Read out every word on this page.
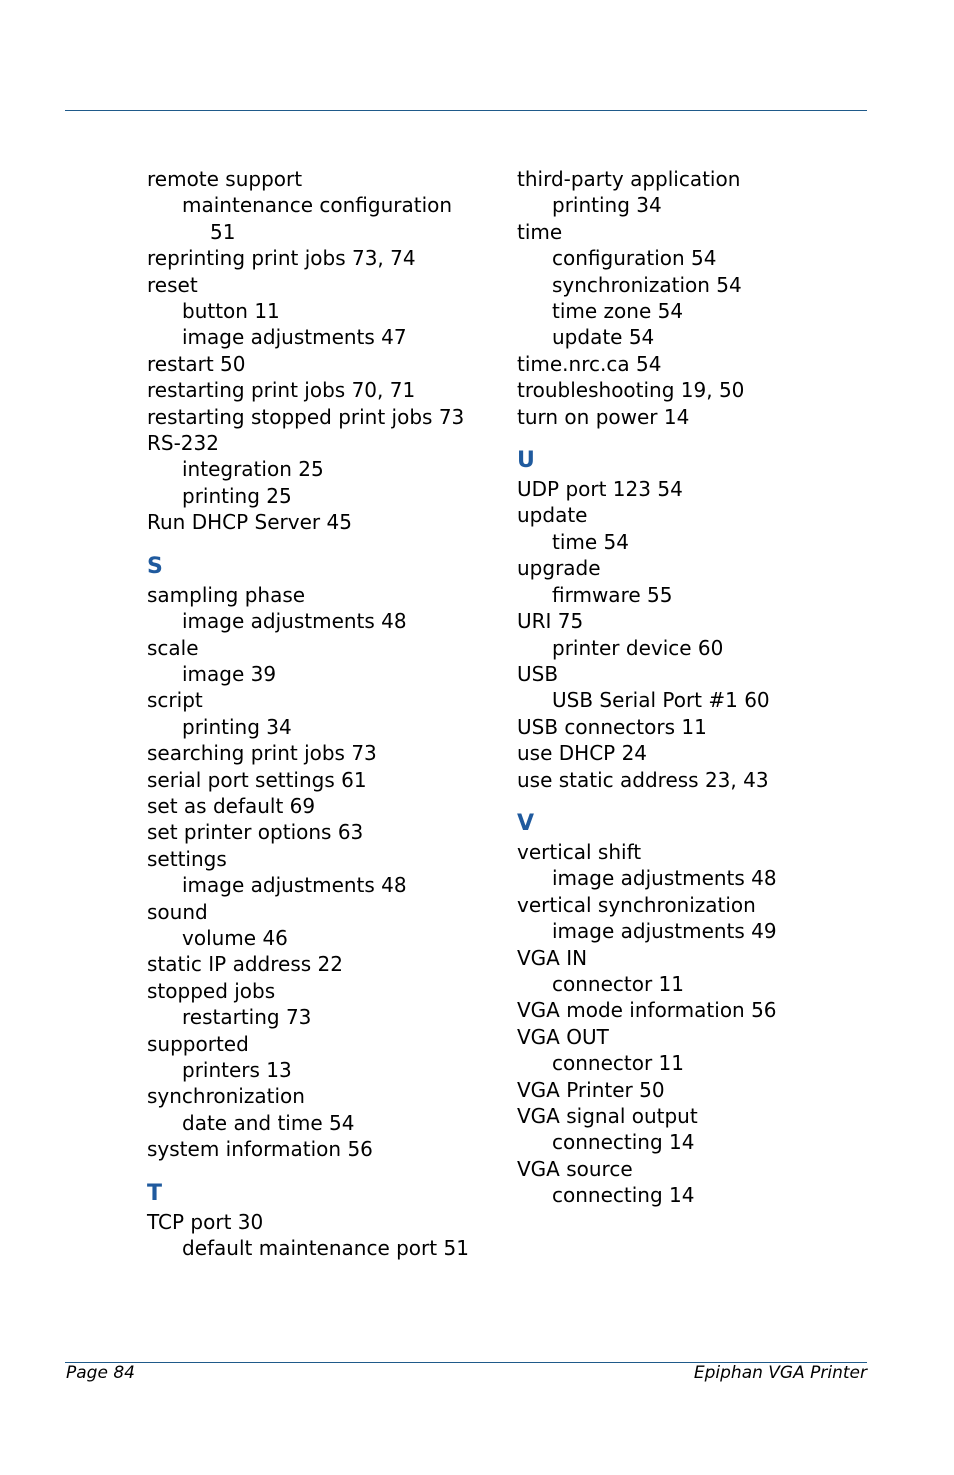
remote support
maintenance configuration
51
reprinting print jobs 73, 74
reset
button 11
image adjustments 47
restart 50
restarting print jobs 70, 71
restarting stopped print jobs 73
RS-232
integration 25
printing 25
Run DHCP Server 45
S
sampling phase
image adjustments 48
scale
image 39
script
printing 34
searching print jobs 73
serial port settings 61
set as default 69
set printer options 63
settings
image adjustments 48
sound
volume 46
static IP address 22
stopped jobs
restarting 73
supported
printers 13
synchronization
date and time 54
system information 56
T
TCP port 30
default maintenance port 51
third-party application
printing 34
time
configuration 54
synchronization 54
time zone 54
update 54
time.nrc.ca 54
troubleshooting 19, 50
turn on power 14
U
UDP port 123 54
update
time 54
upgrade
firmware 55
URI 75
printer device 60
USB
USB Serial Port #1 60
USB connectors 11
use DHCP 24
use static address 23, 43
V
vertical shift
image adjustments 48
vertical synchronization
image adjustments 49
VGA IN
connector 11
VGA mode information 56
VGA OUT
connector 11
VGA Printer 50
VGA signal output
connecting 14
VGA source
connecting 14
Page 84	Epiphan VGA Printer
